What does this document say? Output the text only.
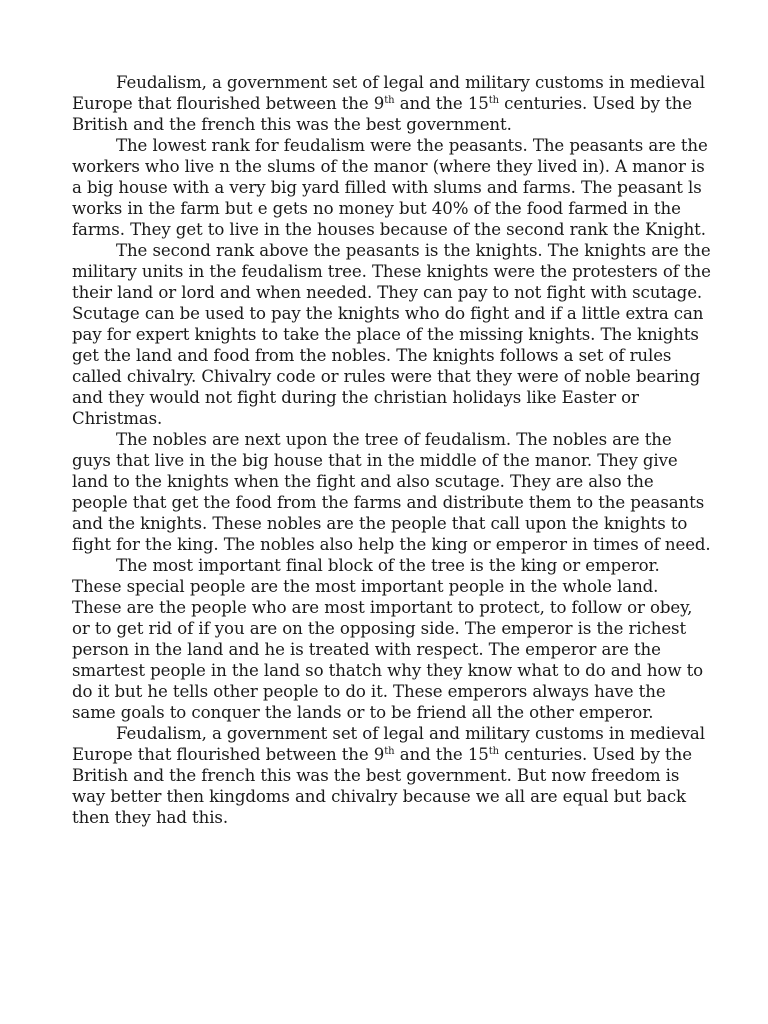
Feudalism, a government set of legal and military customs in medieval Europe that flourished between the 9th and the 15th centuries. Used by the British and the french this was the best government.

The lowest rank for feudalism were the peasants. The peasants are the workers who live n the slums of the manor (where they lived in). A manor is a big house with a very big yard filled with slums and farms. The peasant ls works in the farm but e gets no money but 40% of the food farmed in the farms. They get to live in the houses because of the second rank the Knight.

The second rank above the peasants is the knights. The knights are the military units in the feudalism tree. These knights were the protesters of the their land or lord and when needed. They can pay to not fight with scutage. Scutage can be used to pay the knights who do fight and if a little extra can pay for expert knights to take the place of the missing knights. The knights get the land and food from the nobles. The knights follows a set of rules called chivalry. Chivalry code or rules were that they were of noble bearing and they would not fight during the christian holidays like Easter or Christmas.

The nobles are next upon the tree of feudalism. The nobles are the guys that live in the big house that in the middle of the manor. They give land to the knights when the fight and also scutage. They are also the people that get the food from the farms and distribute them to the peasants and the knights. These nobles are the people that call upon the knights to fight for the king. The nobles also help the king or emperor in times of need.

The most important final block of the tree is the king or emperor. These special people are the most important people in the whole land. These are the people who are most important to protect, to follow or obey, or to get rid of if you are on the opposing side. The emperor is the richest person in the land and he is treated with respect. The emperor are the smartest people in the land so thatch why they know what to do and how to do it but he tells other people to do it. These emperors always have the same goals to conquer the lands or to be friend all the other emperor.

Feudalism, a government set of legal and military customs in medieval Europe that flourished between the 9th and the 15th centuries. Used by the British and the french this was the best government. But now freedom is way better then kingdoms and chivalry because we all are equal but back then they had this.
